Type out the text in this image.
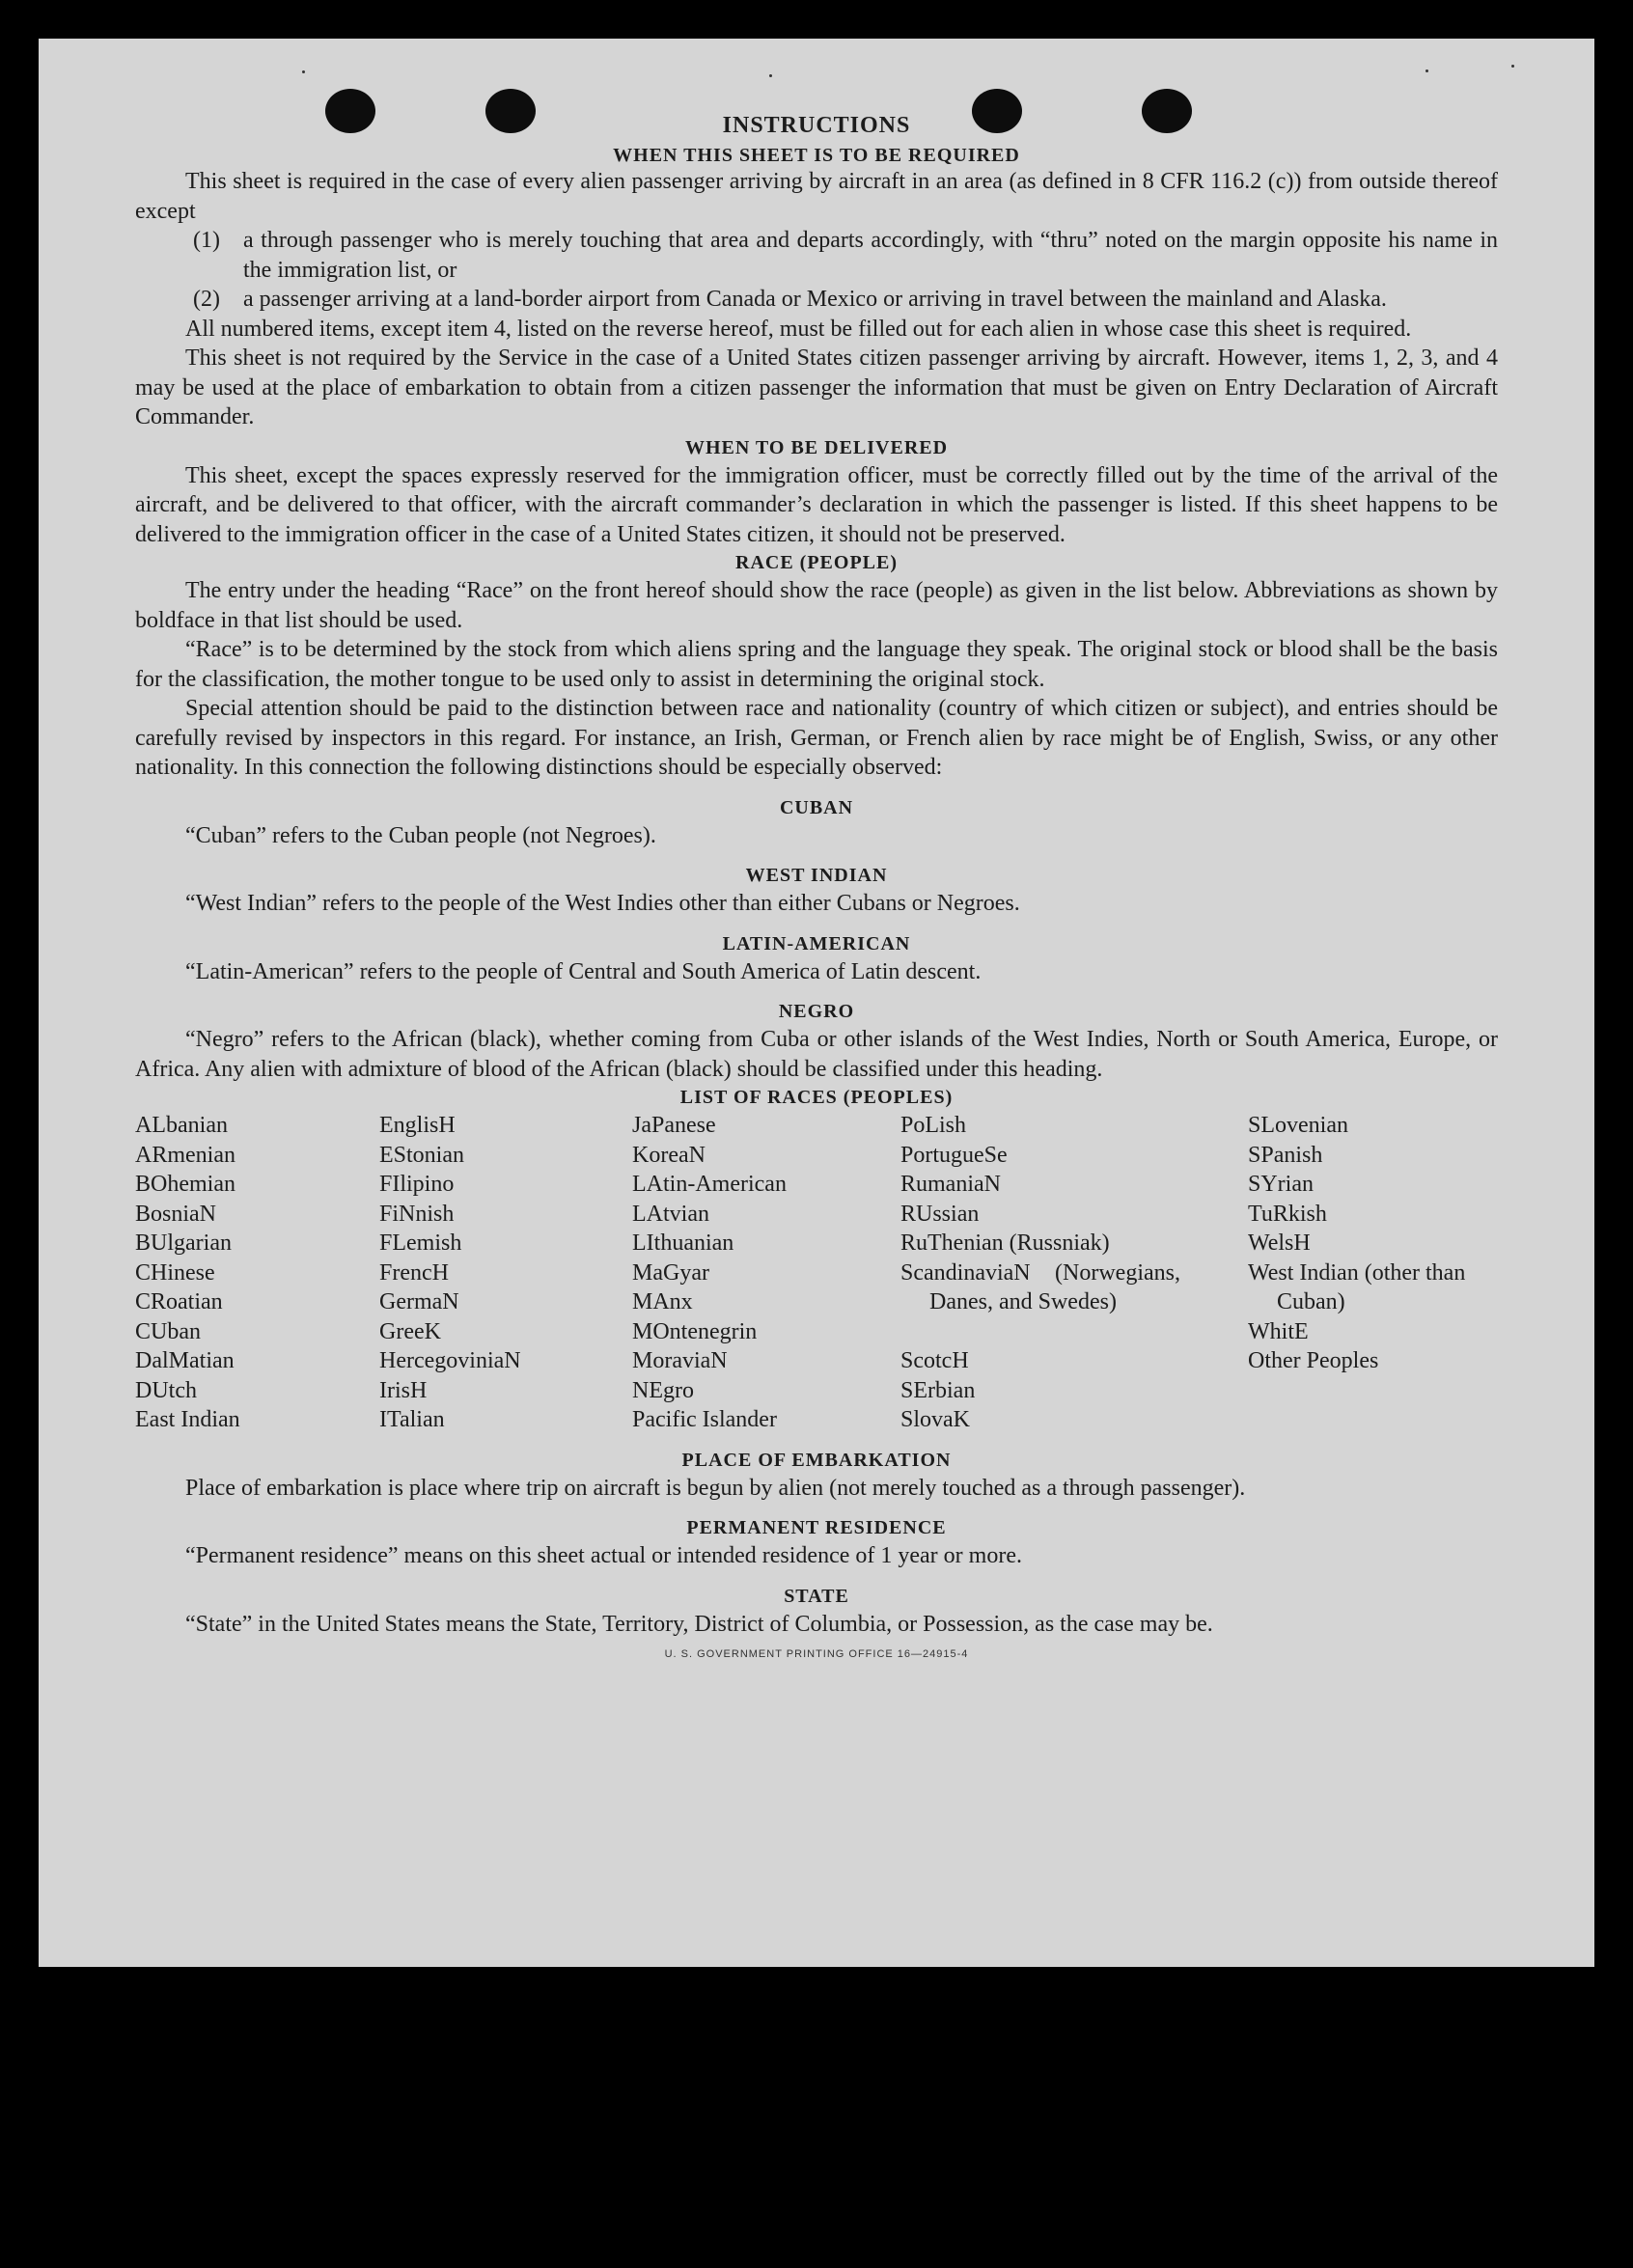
INSTRUCTIONS
WHEN THIS SHEET IS TO BE REQUIRED

This sheet is required in the case of every alien passenger arriving by aircraft in an area (as defined in 8 CFR 116.2 (c)) from outside thereof except

(1)	a through passenger who is merely touching that area and departs accordingly, with “thru” noted on the margin opposite his name in the immigration list, or

(2)	a passenger arriving at a land-border airport from Canada or Mexico or arriving in travel between the mainland and Alaska.

All numbered items, except item 4, listed on the reverse hereof, must be filled out for each alien in whose case this sheet is required.

This sheet is not required by the Service in the case of a United States citizen passenger arriving by aircraft. However, items 1, 2, 3, and 4 may be used at the place of embarkation to obtain from a citizen passenger the information that must be given on Entry Declaration of Aircraft Commander.

WHEN TO BE DELIVERED

This sheet, except the spaces expressly reserved for the immigration officer, must be correctly filled out by the time of the arrival of the aircraft, and be delivered to that officer, with the aircraft commander’s declaration in which the passenger is listed. If this sheet happens to be delivered to the immigration officer in the case of a United States citizen, it should not be preserved.

RACE (PEOPLE)

The entry under the heading “Race” on the front hereof should show the race (people) as given in the list below. Abbreviations as shown by boldface in that list should be used.

“Race” is to be determined by the stock from which aliens spring and the language they speak. The original stock or blood shall be the basis for the classification, the mother tongue to be used only to assist in determining the original stock.

Special attention should be paid to the distinction between race and nationality (country of which citizen or subject), and entries should be carefully revised by inspectors in this regard. For instance, an Irish, German, or French alien by race might be of English, Swiss, or any other nationality. In this connection the following distinctions should be especially observed:

CUBAN

“Cuban” refers to the Cuban people (not Negroes).

WEST INDIAN

“West Indian” refers to the people of the West Indies other than either Cubans or Negroes.

LATIN-AMERICAN

“Latin-American” refers to the people of Central and South America of Latin descent.

NEGRO

“Negro” refers to the African (black), whether coming from Cuba or other islands of the West Indies, North or South America, Europe, or Africa. Any alien with admixture of blood of the African (black) should be classified under this heading.

LIST OF RACES (PEOPLES)
ALbanian
ARmenian
BOhemian
BosniaN
BUlgarian
CHinese
CRoatian
CUban
DalMatian
DUtch
East Indian
EnglisH
EStonian
FIlipino
FiNnish
FLemish
FrencH
GermaN
GreeK
HercegoviniaN
IrisH
ITalian
JaPanese
KoreaN
LAtin-American
LAtvian
LIthuanian
MaGyar
MAnx
MOntenegrin
MoraviaN
NEgro
Pacific Islander
PoLish
PortugueSe
RumaniaN
RUssian
RuThenian (Russniak)
ScandinaviaN (Norwegians, Danes, and Swedes)
ScotcH
SErbian
SlovaK
SLovenian
SPanish
SYrian
TuRkish
WelsH
West Indian (other than Cuban)
WhitE
Other Peoples
PLACE OF EMBARKATION

Place of embarkation is place where trip on aircraft is begun by alien (not merely touched as a through passenger).

PERMANENT RESIDENCE

“Permanent residence” means on this sheet actual or intended residence of 1 year or more.

STATE

“State” in the United States means the State, Territory, District of Columbia, or Possession, as the case may be.

U. S. GOVERNMENT PRINTING OFFICE 16—24915-4
